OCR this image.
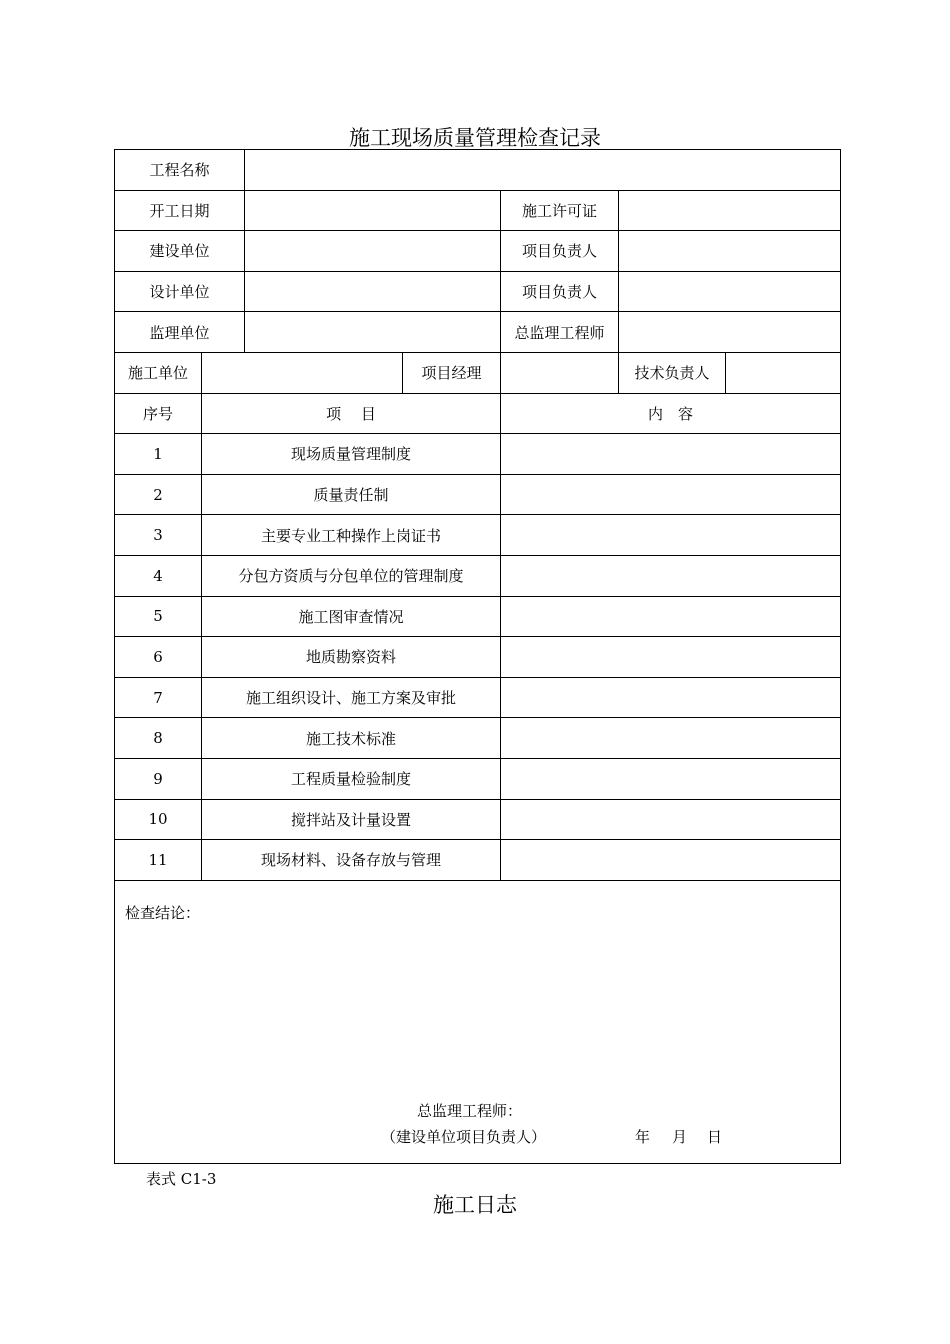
施工现场质量管理检查记录
工程名称						
开工日期				施工许可证		
建设单位				项目负责人		
设计单位				项目负责人		
监理单位				总监理工程师		
施工单位			项目经理		技术负责人	
序号	项　 目			内　容		
1	现场质量管理制度					
2	质量责任制					
3	主要专业工种操作上岗证书					
4	分包方资质与分包单位的管理制度					
5	施工图审查情况					
6	地质勘察资料					
7	施工组织设计、施工方案及审批					
8	施工技术标准					
9	工程质量检验制度					
10	搅拌站及计量设置					
11	现场材料、设备存放与管理					

检查结论：
总监理工程师：
（建设单位项目负责人） 年 月 日						
表式 C1-3
施工日志
